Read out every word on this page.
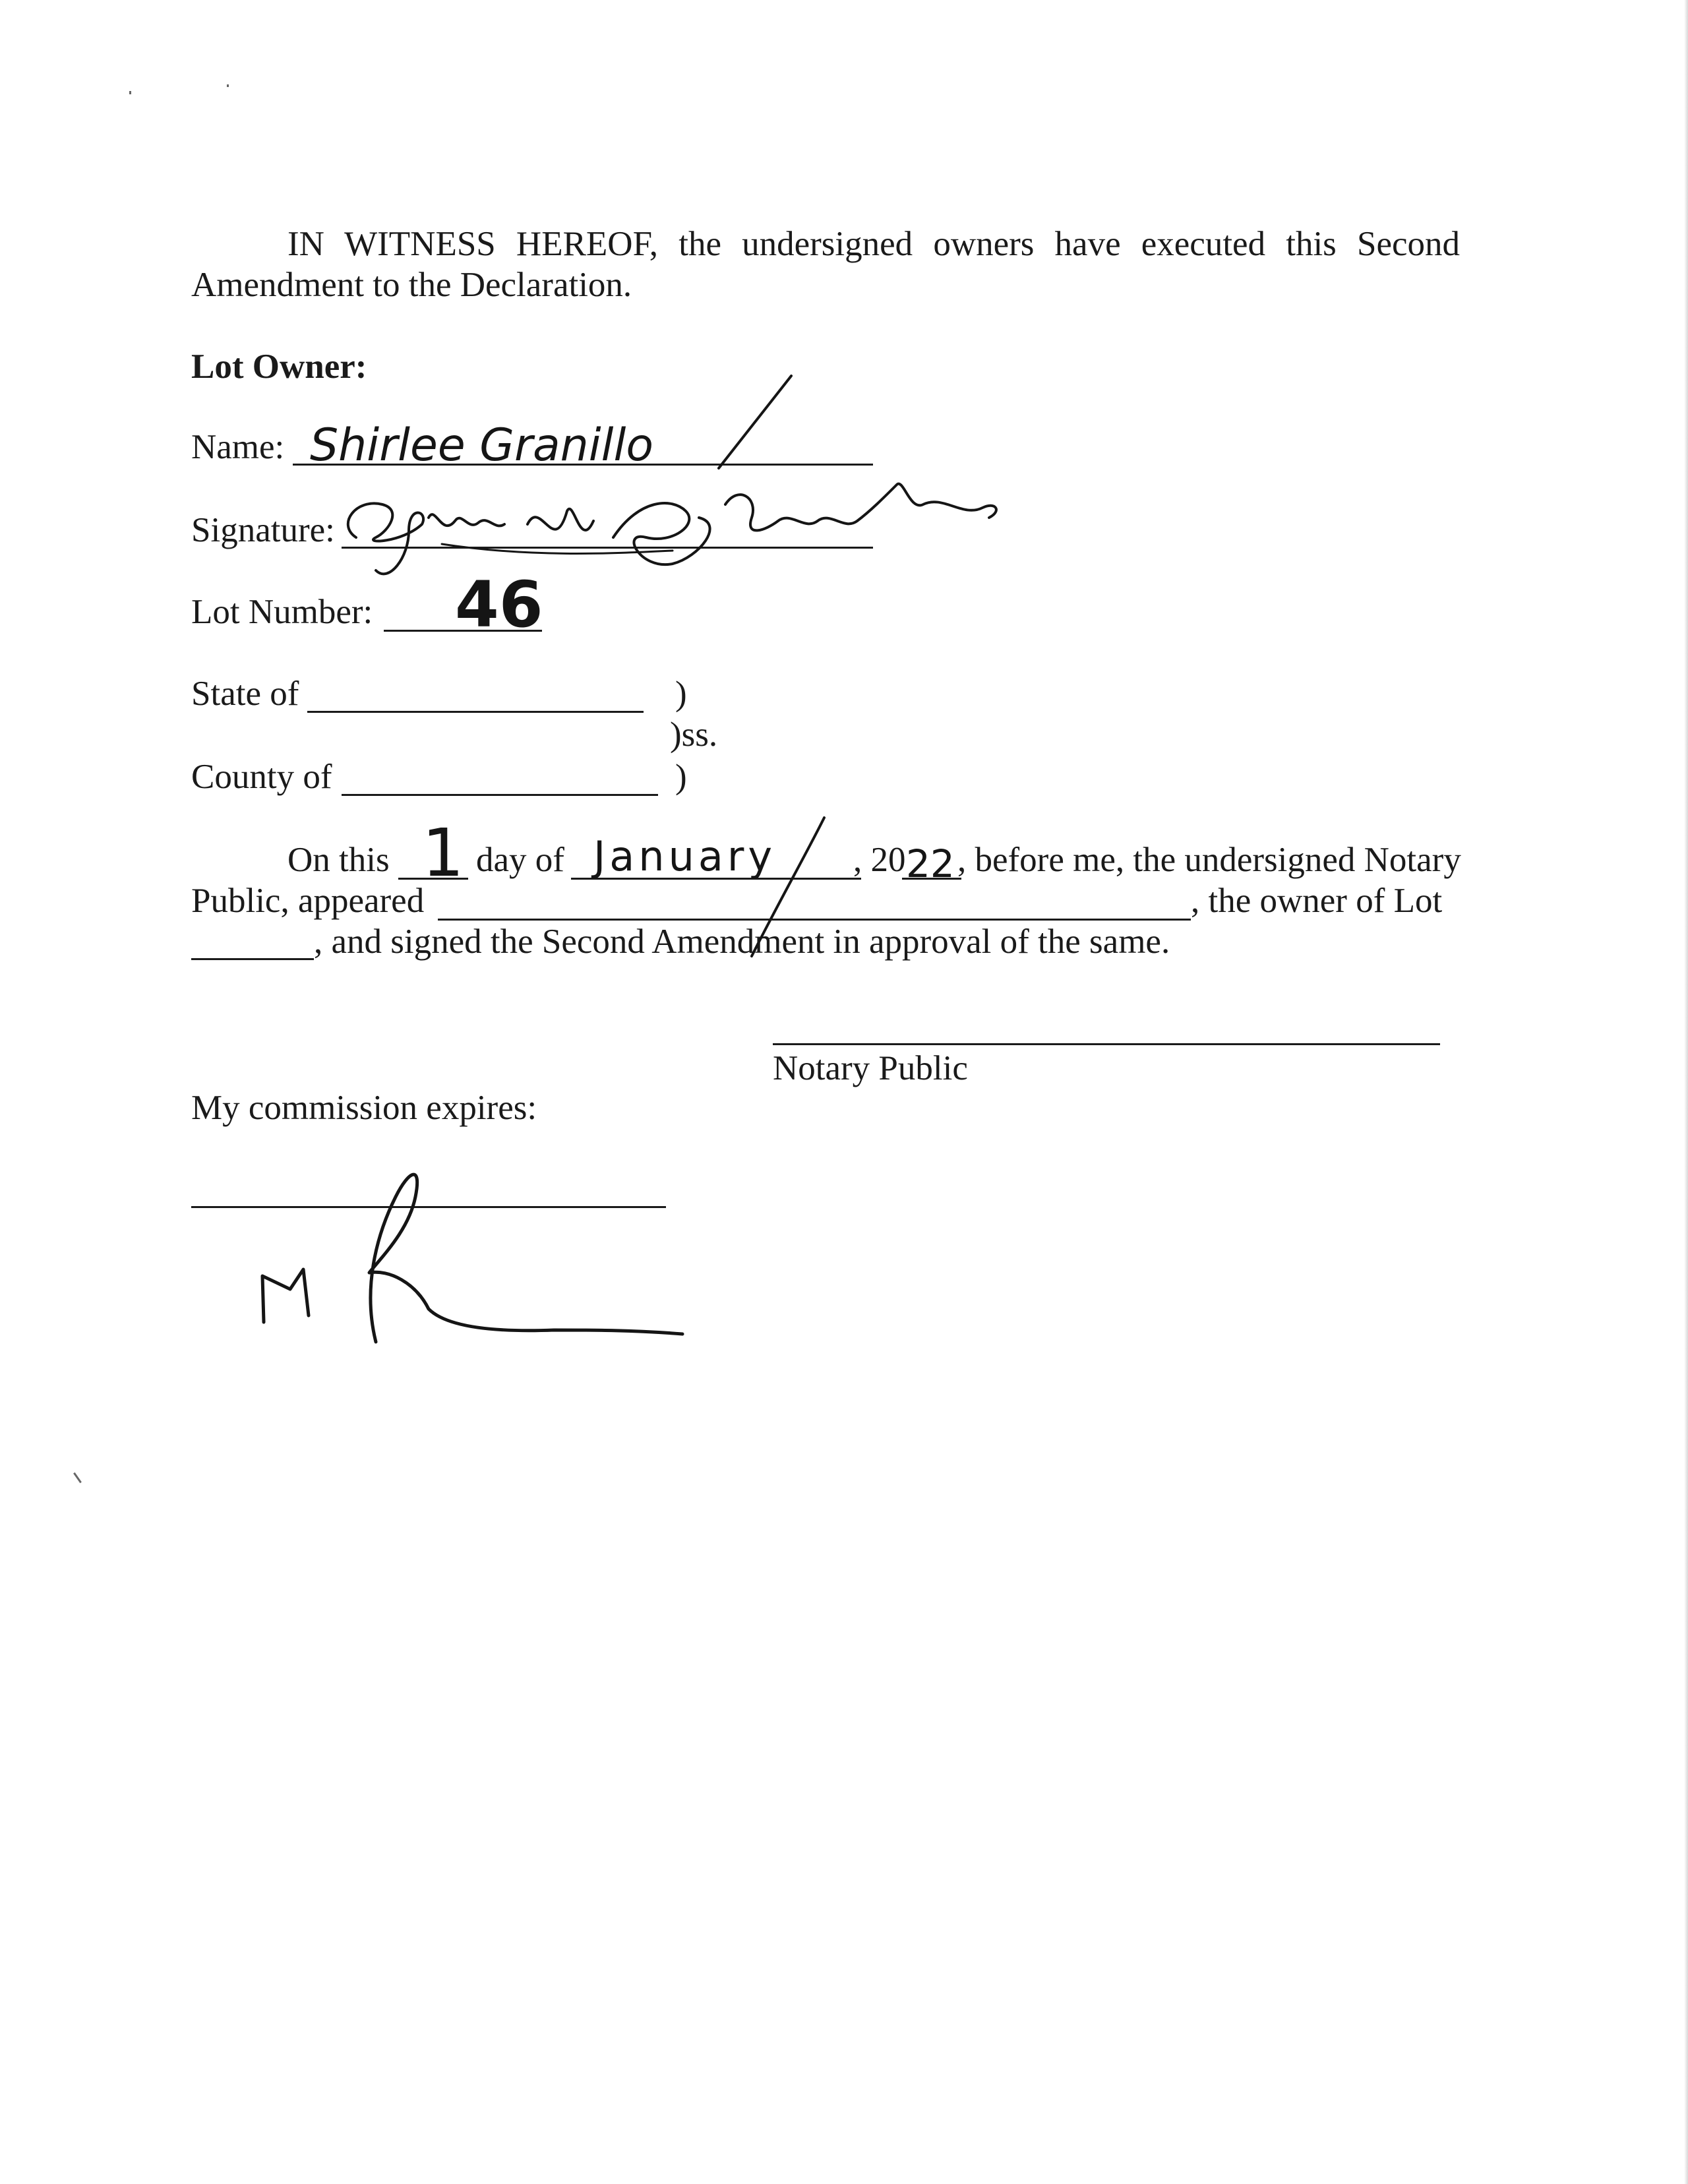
IN WITNESS HEREOF, the undersigned owners have executed this Second
Amendment to the Declaration.
Lot Owner:
Name:
Signature:
Lot Number:
State of	)
)ss.
County of	)
On this day of	, 20 , before me, the undersigned Notary
Public, appeared	, the owner of Lot
, and signed the Second Amendment in approval of the same.
Notary Public
My commission expires:
Shirlee Granillo
46
1	January	22
